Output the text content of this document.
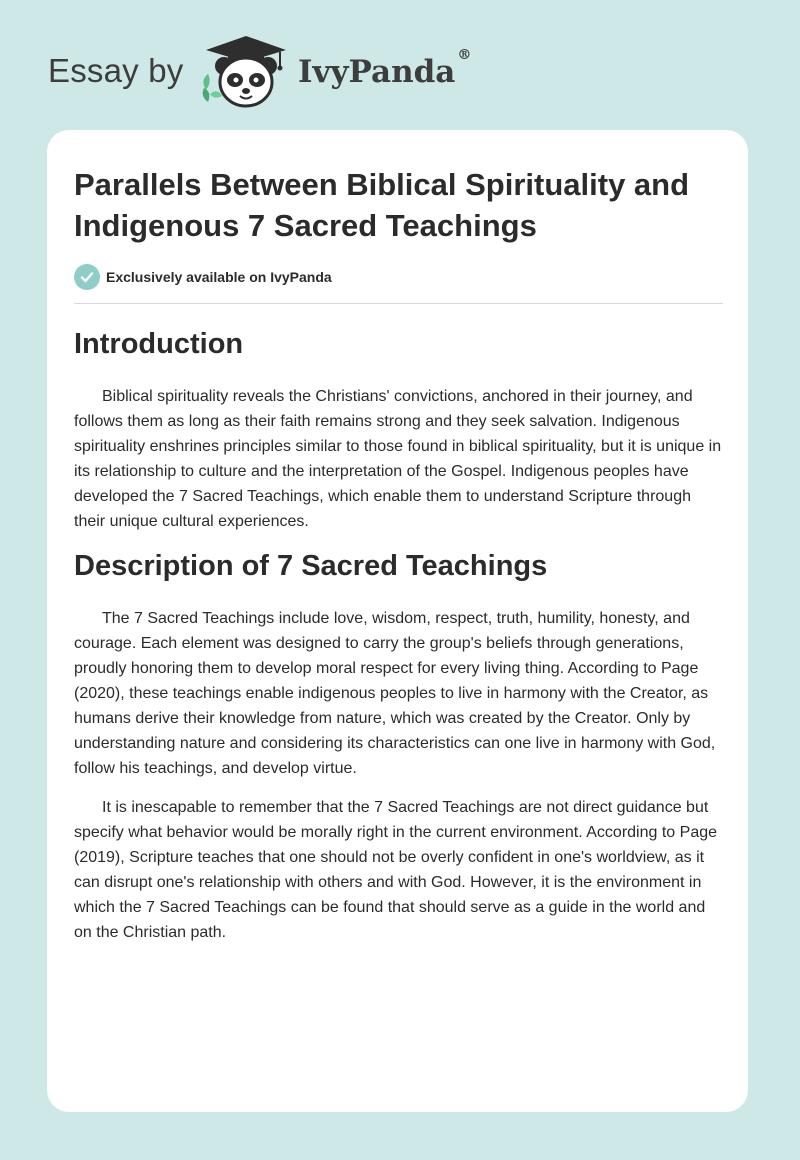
Essay by	IvyPanda ®
Parallels Between Biblical Spirituality and Indigenous 7 Sacred Teachings
Exclusively available on IvyPanda
Introduction

Biblical spirituality reveals the Christians' convictions, anchored in their journey, and follows them as long as their faith remains strong and they seek salvation. Indigenous spirituality enshrines principles similar to those found in biblical spirituality, but it is unique in its relationship to culture and the interpretation of the Gospel. Indigenous peoples have developed the 7 Sacred Teachings, which enable them to understand Scripture through their unique cultural experiences.

Description of 7 Sacred Teachings

The 7 Sacred Teachings include love, wisdom, respect, truth, humility, honesty, and courage. Each element was designed to carry the group's beliefs through generations, proudly honoring them to develop moral respect for every living thing. According to Page (2020), these teachings enable indigenous peoples to live in harmony with the Creator, as humans derive their knowledge from nature, which was created by the Creator. Only by understanding nature and considering its characteristics can one live in harmony with God, follow his teachings, and develop virtue.

It is inescapable to remember that the 7 Sacred Teachings are not direct guidance but specify what behavior would be morally right in the current environment. According to Page (2019), Scripture teaches that one should not be overly confident in one's worldview, as it can disrupt one's relationship with others and with God. However, it is the environment in which the 7 Sacred Teachings can be found that should serve as a guide in the world and on the Christian path.
